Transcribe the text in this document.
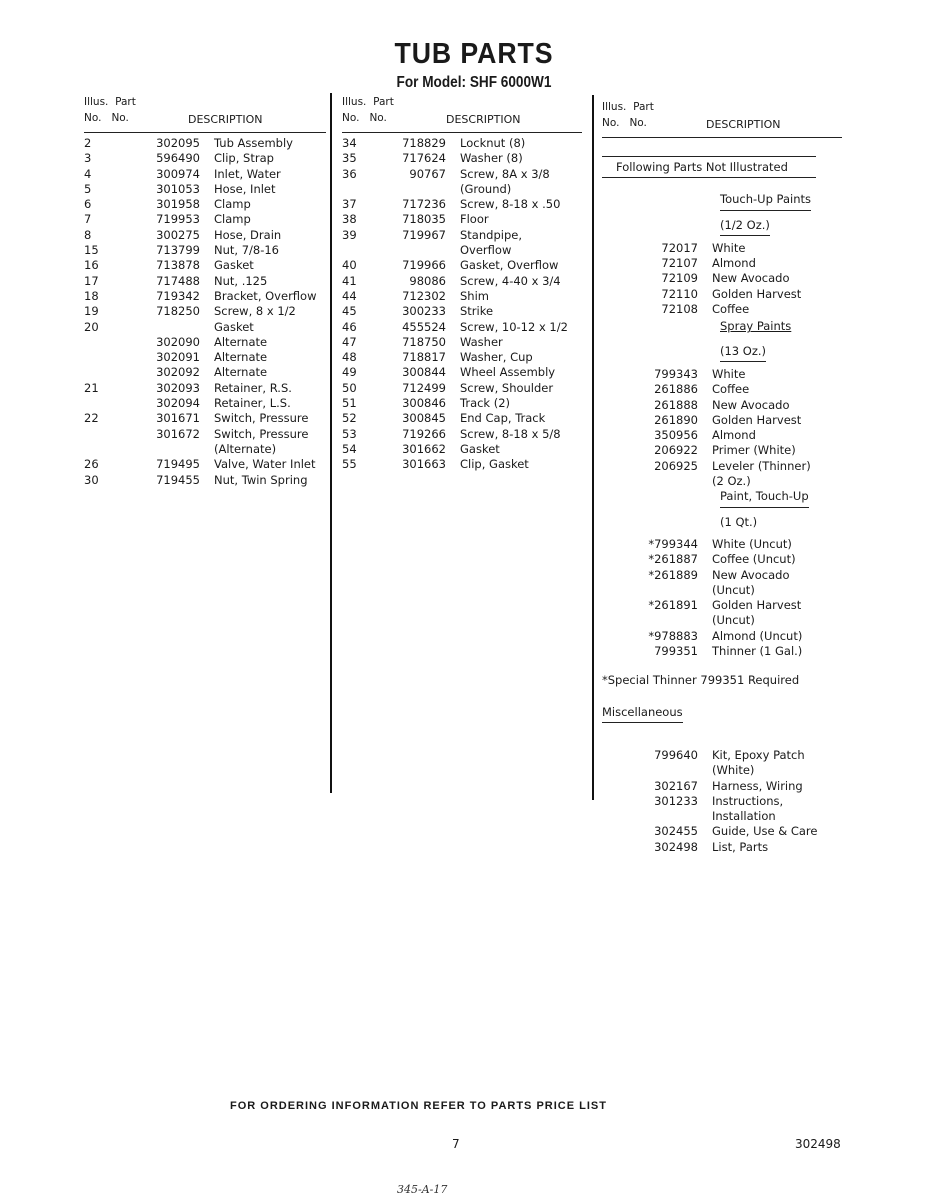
TUB PARTS
For Model: SHF 6000W1
Illus. Part
No. No.	DESCRIPTION
2	302095	Tub Assembly
3	596490	Clip, Strap
4	300974	Inlet, Water
5	301053	Hose, Inlet
6	301958	Clamp
7	719953	Clamp
8	300275	Hose, Drain
15	713799	Nut, 7/8-16
16	713878	Gasket
17	717488	Nut, .125
18	719342	Bracket, Overflow
19	718250	Screw, 8 x 1/2
20	Gasket
302090	Alternate
302091	Alternate
302092	Alternate
21	302093	Retainer, R.S.
302094	Retainer, L.S.
22	301671	Switch, Pressure
301672	Switch, Pressure
(Alternate)
26	719495	Valve, Water Inlet
30	719455	Nut, Twin Spring
Illus. Part
No. No.	DESCRIPTION
34	718829	Locknut (8)
35	717624	Washer (8)
36	90767	Screw, 8A x 3/8
(Ground)
37	717236	Screw, 8-18 x .50
38	718035	Floor
39	719967	Standpipe,
Overflow
40	719966	Gasket, Overflow
41	98086	Screw, 4-40 x 3/4
44	712302	Shim
45	300233	Strike
46	455524	Screw, 10-12 x 1/2
47	718750	Washer
48	718817	Washer, Cup
49	300844	Wheel Assembly
50	712499	Screw, Shoulder
51	300846	Track (2)
52	300845	End Cap, Track
53	719266	Screw, 8-18 x 5/8
54	301662	Gasket
55	301663	Clip, Gasket
Illus. Part
No. No.	DESCRIPTION
Following Parts Not Illustrated
Touch-Up Paints
(1/2 Oz.)
72017	White
72107	Almond
72109	New Avocado
72110	Golden Harvest
72108	Coffee
Spray Paints
(13 Oz.)
799343	White
261886	Coffee
261888	New Avocado
261890	Golden Harvest
350956	Almond
206922	Primer (White)
206925	Leveler (Thinner)
(2 Oz.)
Paint, Touch-Up
(1 Qt.)
*799344	White (Uncut)
*261887	Coffee (Uncut)
*261889	New Avocado
(Uncut)
*261891	Golden Harvest
(Uncut)
*978883	Almond (Uncut)
799351	Thinner (1 Gal.)
*Special Thinner 799351 Required
Miscellaneous
799640	Kit, Epoxy Patch
(White)
302167	Harness, Wiring
301233	Instructions,
Installation
302455	Guide, Use & Care
302498	List, Parts
FOR ORDERING INFORMATION REFER TO PARTS PRICE LIST
7	302498
345-A-17
